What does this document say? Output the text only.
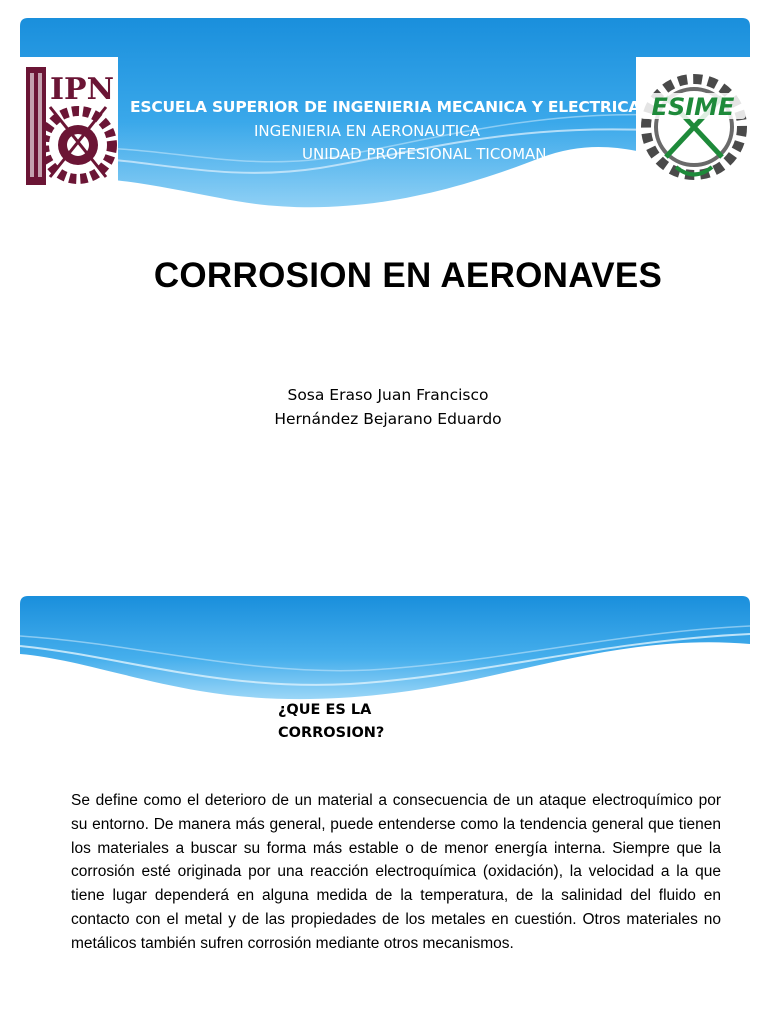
IPN	ESIME
ESCUELA SUPERIOR DE INGENIERIA MECANICA Y ELECTRICA
INGENIERIA EN AERONAUTICA
UNIDAD PROFESIONAL TICOMAN
CORROSION EN AERONAVES
Sosa Eraso Juan Francisco
Hernández Bejarano Eduardo
¿QUE ES LA CORROSION?
Se define como el deterioro de un material a consecuencia de un ataque electroquímico por su entorno. De manera más general, puede entenderse como la tendencia general que tienen los materiales a buscar su forma más estable o de menor energía interna. Siempre que la corrosión esté originada por una reacción electroquímica (oxidación), la velocidad a la que tiene lugar dependerá en alguna medida de la temperatura, de la salinidad del fluido en contacto con el metal y de las propiedades de los metales en cuestión. Otros materiales no metálicos también sufren corrosión mediante otros mecanismos.
